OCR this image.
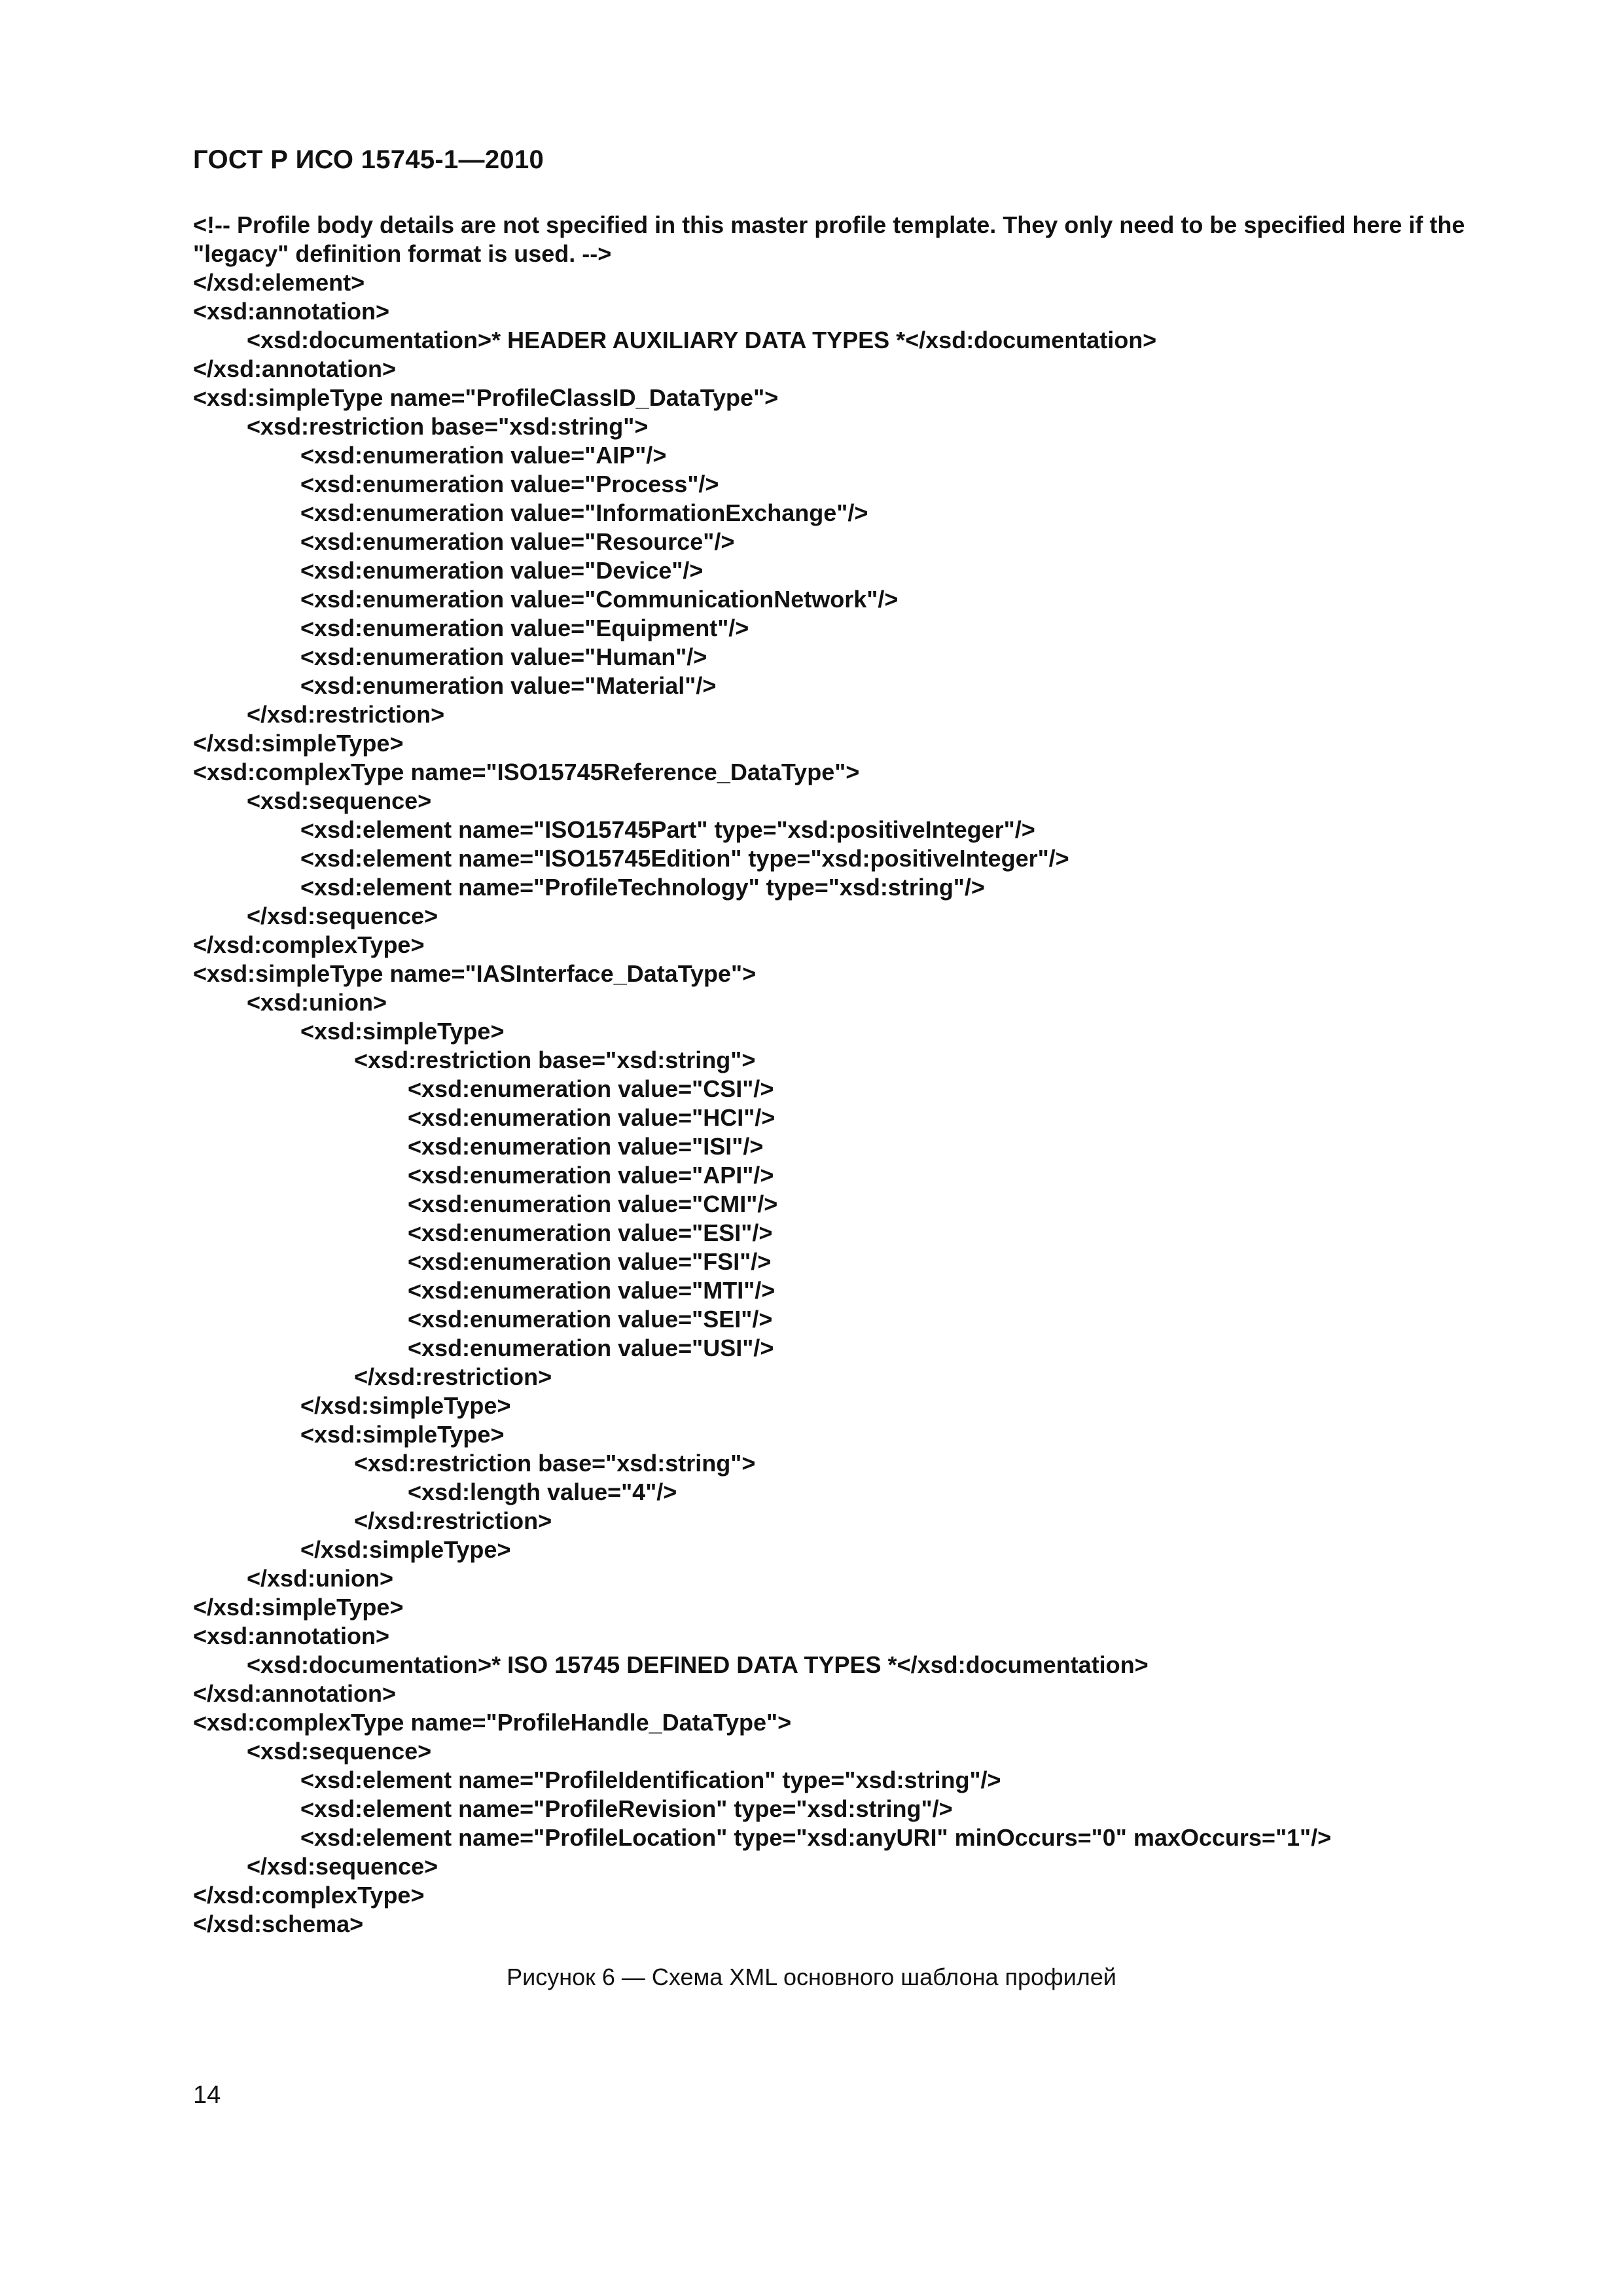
ГОСТ Р ИСО 15745-1—2010
<!-- Profile body details are not specified in this master profile template. They only need to be specified here if the "legacy" definition format is used. -->
</xsd:element>
<xsd:annotation>
<xsd:documentation>* HEADER AUXILIARY DATA TYPES *</xsd:documentation>
</xsd:annotation>
<xsd:simpleType name="ProfileClassID_DataType">
<xsd:restriction base="xsd:string">
<xsd:enumeration value="AIP"/>
<xsd:enumeration value="Process"/>
<xsd:enumeration value="InformationExchange"/>
<xsd:enumeration value="Resource"/>
<xsd:enumeration value="Device"/>
<xsd:enumeration value="CommunicationNetwork"/>
<xsd:enumeration value="Equipment"/>
<xsd:enumeration value="Human"/>
<xsd:enumeration value="Material"/>
</xsd:restriction>
</xsd:simpleType>
<xsd:complexType name="ISO15745Reference_DataType">
<xsd:sequence>
<xsd:element name="ISO15745Part" type="xsd:positiveInteger"/>
<xsd:element name="ISO15745Edition" type="xsd:positiveInteger"/>
<xsd:element name="ProfileTechnology" type="xsd:string"/>
</xsd:sequence>
</xsd:complexType>
<xsd:simpleType name="IASInterface_DataType">
<xsd:union>
<xsd:simpleType>
<xsd:restriction base="xsd:string">
<xsd:enumeration value="CSI"/>
<xsd:enumeration value="HCI"/>
<xsd:enumeration value="ISI"/>
<xsd:enumeration value="API"/>
<xsd:enumeration value="CMI"/>
<xsd:enumeration value="ESI"/>
<xsd:enumeration value="FSI"/>
<xsd:enumeration value="MTI"/>
<xsd:enumeration value="SEI"/>
<xsd:enumeration value="USI"/>
</xsd:restriction>
</xsd:simpleType>
<xsd:simpleType>
<xsd:restriction base="xsd:string">
<xsd:length value="4"/>
</xsd:restriction>
</xsd:simpleType>
</xsd:union>
</xsd:simpleType>
<xsd:annotation>
<xsd:documentation>* ISO 15745 DEFINED DATA TYPES *</xsd:documentation>
</xsd:annotation>
<xsd:complexType name="ProfileHandle_DataType">
<xsd:sequence>
<xsd:element name="ProfileIdentification" type="xsd:string"/>
<xsd:element name="ProfileRevision" type="xsd:string"/>
<xsd:element name="ProfileLocation" type="xsd:anyURI" minOccurs="0" maxOccurs="1"/>
</xsd:sequence>
</xsd:complexType>
</xsd:schema>
Рисунок 6 — Схема XML основного шаблона профилей
14
